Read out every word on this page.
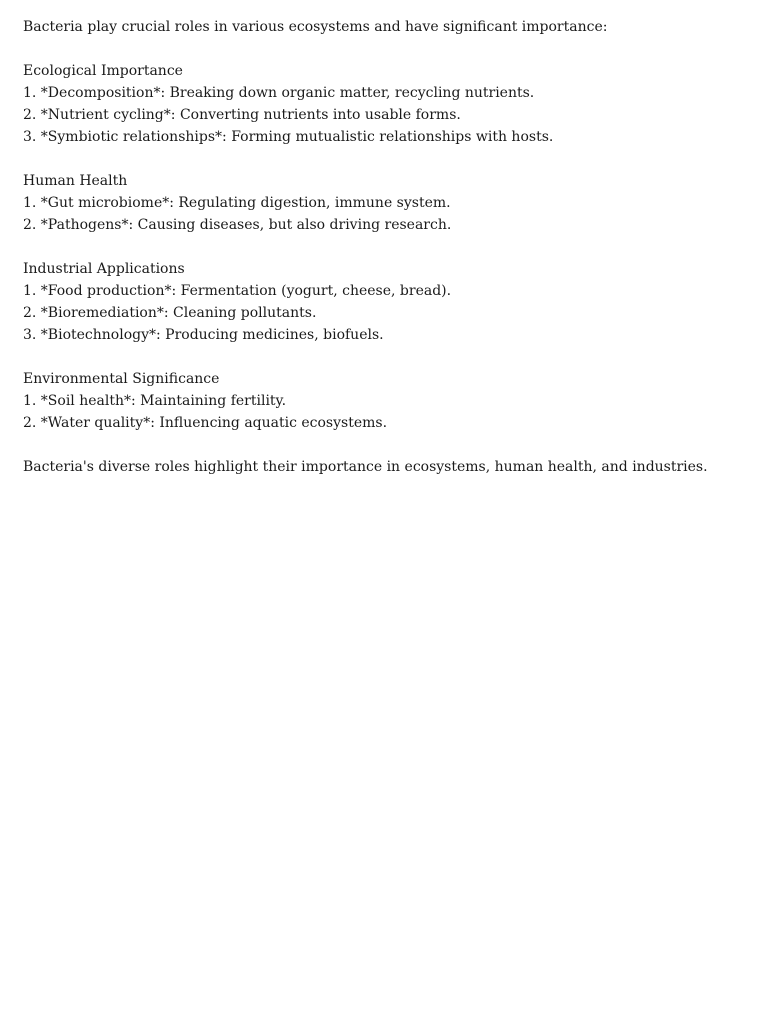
Bacteria play crucial roles in various ecosystems and have significant importance:

Ecological Importance

1. *Decomposition*: Breaking down organic matter, recycling nutrients.

2. *Nutrient cycling*: Converting nutrients into usable forms.

3. *Symbiotic relationships*: Forming mutualistic relationships with hosts.

Human Health

1. *Gut microbiome*: Regulating digestion, immune system.

2. *Pathogens*: Causing diseases, but also driving research.

Industrial Applications

1. *Food production*: Fermentation (yogurt, cheese, bread).

2. *Bioremediation*: Cleaning pollutants.

3. *Biotechnology*: Producing medicines, biofuels.

Environmental Significance

1. *Soil health*: Maintaining fertility.

2. *Water quality*: Influencing aquatic ecosystems.

Bacteria's diverse roles highlight their importance in ecosystems, human health, and industries.
